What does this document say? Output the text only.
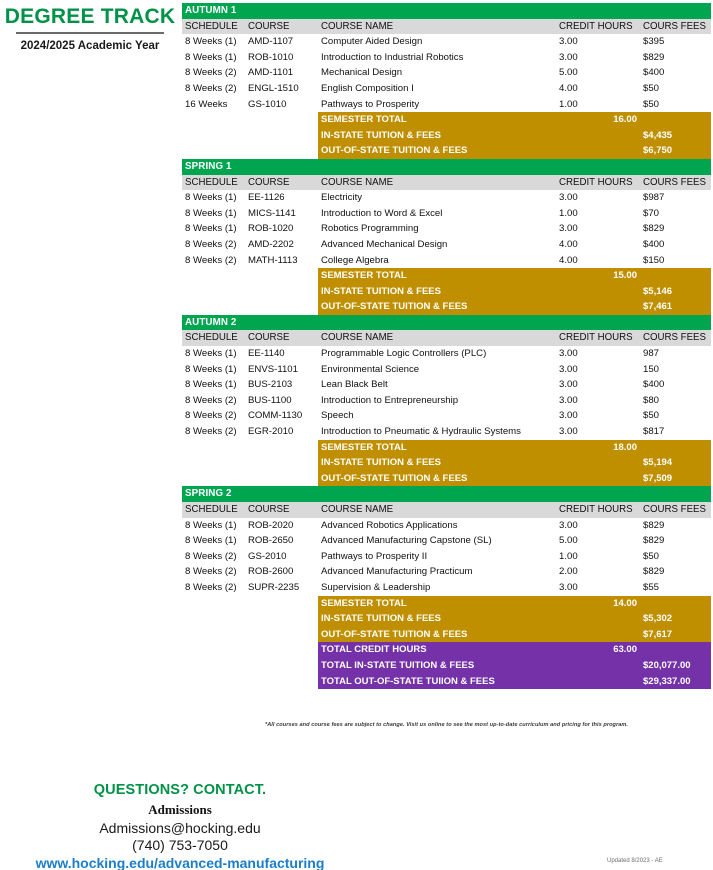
DEGREE TRACK
2024/2025 Academic Year
AUTUMN 1				
SCHEDULE	COURSE	COURSE NAME	CREDIT HOURS	COURS FEES
8 Weeks (1)	AMD-1107	Computer Aided Design	3.00	$395
8 Weeks (1)	ROB-1010	Introduction to Industrial Robotics	3.00	$829
8 Weeks (2)	AMD-1101	Mechanical Design	5.00	$400
8 Weeks (2)	ENGL-1510	English Composition I	4.00	$50
16 Weeks	GS-1010	Pathways to Prosperity	1.00	$50
		SEMESTER TOTAL	16.00	
		IN-STATE TUITION & FEES		$4,435
		OUT-OF-STATE TUITION & FEES		$6,750
SPRING 1				
SCHEDULE	COURSE	COURSE NAME	CREDIT HOURS	COURS FEES
8 Weeks (1)	EE-1126	Electricity	3.00	$987
8 Weeks (1)	MICS-1141	Introduction to Word & Excel	1.00	$70
8 Weeks (1)	ROB-1020	Robotics Programming	3.00	$829
8 Weeks (2)	AMD-2202	Advanced Mechanical Design	4.00	$400
8 Weeks (2)	MATH-1113	College Algebra	4.00	$150
		SEMESTER TOTAL	15.00	
		IN-STATE TUITION & FEES		$5,146
		OUT-OF-STATE TUITION & FEES		$7,461
AUTUMN 2				
SCHEDULE	COURSE	COURSE NAME	CREDIT HOURS	COURS FEES
8 Weeks (1)	EE-1140	Programmable Logic Controllers (PLC)	3.00	987
8 Weeks (1)	ENVS-1101	Environmental Science	3.00	150
8 Weeks (1)	BUS-2103	Lean Black Belt	3.00	$400
8 Weeks (2)	BUS-1100	Introduction to Entrepreneurship	3.00	$80
8 Weeks (2)	COMM-1130	Speech	3.00	$50
8 Weeks (2)	EGR-2010	Introduction to Pneumatic & Hydraulic Systems	3.00	$817
		SEMESTER TOTAL	18.00	
		IN-STATE TUITION & FEES		$5,194
		OUT-OF-STATE TUITION & FEES		$7,509
SPRING 2				
SCHEDULE	COURSE	COURSE NAME	CREDIT HOURS	COURS FEES
8 Weeks (1)	ROB-2020	Advanced Robotics Applications	3.00	$829
8 Weeks (1)	ROB-2650	Advanced Manufacturing Capstone (SL)	5.00	$829
8 Weeks (2)	GS-2010	Pathways to Prosperity II	1.00	$50
8 Weeks (2)	ROB-2600	Advanced Manufacturing Practicum	2.00	$829
8 Weeks (2)	SUPR-2235	Supervision & Leadership	3.00	$55
		SEMESTER TOTAL	14.00	
		IN-STATE TUITION & FEES		$5,302
		OUT-OF-STATE TUITION & FEES		$7,617
		TOTAL CREDIT HOURS	63.00	
		TOTAL IN-STATE TUITION & FEES		$20,077.00
		TOTAL OUT-OF-STATE TUIION & FEES		$29,337.00
*All courses and course fees are subject to change. Visit us online to see the most up-to-date curriculum and pricing for this program.
QUESTIONS? CONTACT.
Admissions
Admissions@hocking.edu
(740) 753-7050
www.hocking.edu/advanced-manufacturing	Updated 8/2023 - AE
